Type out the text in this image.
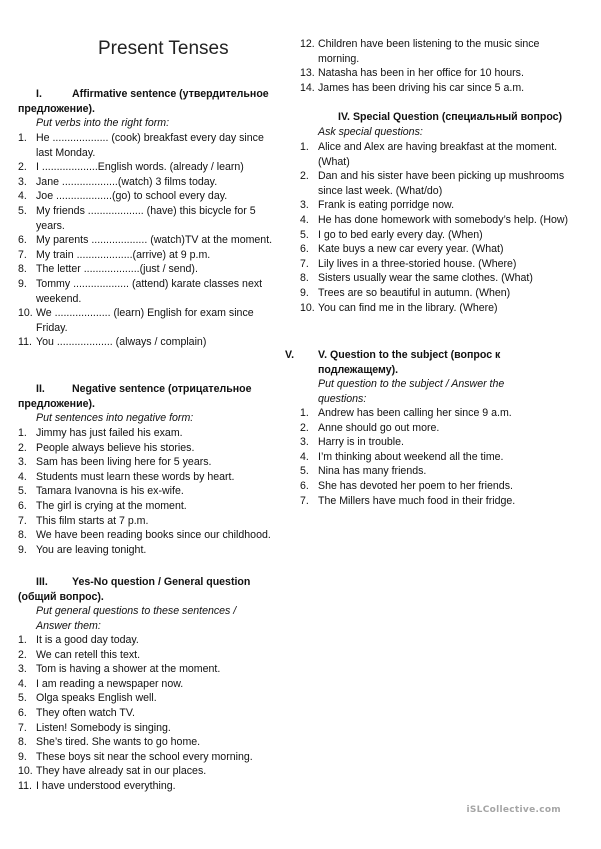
Present Tenses
I.	Affirmative sentence (утвердительное предложение).
Put verbs into the right form:
1. He ................... (cook) breakfast every day since last Monday.
2. I ...................English words. (already / learn)
3. Jane ...................(watch) 3 films today.
4. Joe ...................(go) to school every day.
5. My friends ................... (have) this bicycle for 5 years.
6. My parents ................... (watch)TV at the moment.
7. My train ...................(arrive) at 9 p.m.
8. The letter ...................(just / send).
9. Tommy ................... (attend) karate classes next weekend.
10. We ................... (learn) English for exam since Friday.
11. You ................... (always / complain)
II.	Negative sentence (отрицательное предложение).
Put sentences into negative form:
1. Jimmy has just failed his exam.
2. People always believe his stories.
3. Sam has been living here for 5 years.
4. Students must learn these words by heart.
5. Tamara Ivanovna is his ex-wife.
6. The girl is crying at the moment.
7. This film starts at 7 p.m.
8. We have been reading books since our childhood.
9. You are leaving tonight.
III.	Yes-No question / General question (общий вопрос).
Put general questions to these sentences / Answer them:
1. It is a good day today.
2. We can retell this text.
3. Tom is having a shower at the moment.
4. I am reading a newspaper now.
5. Olga speaks English well.
6. They often watch TV.
7. Listen! Somebody is singing.
8. She’s tired. She wants to go home.
9. These boys sit near the school every morning.
10. They have already sat in our places.
11. I have understood everything.
12. Children have been listening to the music since morning.
13. Natasha has been in her office for 10 hours.
14. James has been driving his car since 5 a.m.
IV. Special Question (специальный вопрос)
Ask special questions:
1. Alice and Alex are having breakfast at the moment. (What)
2. Dan and his sister have been picking up mushrooms since last week. (What/do)
3. Frank is eating porridge now.
4. He has done homework with somebody’s help. (How)
5. I go to bed early every day. (When)
6. Kate buys a new car every year. (What)
7. Lily lives in a three-storied house. (Where)
8. Sisters usually wear the same clothes. (What)
9. Trees are so beautiful in autumn. (When)
10. You can find me in the library. (Where)
V. V. Question to the subject (вопрос к подлежащему).
Put question to the subject / Answer the questions:
1. Andrew has been calling her since 9 a.m.
2. Anne should go out more.
3. Harry is in trouble.
4. I’m thinking about weekend all the time.
5. Nina has many friends.
6. She has devoted her poem to her friends.
7. The Millers have much food in their fridge.
iSLCollective.com
